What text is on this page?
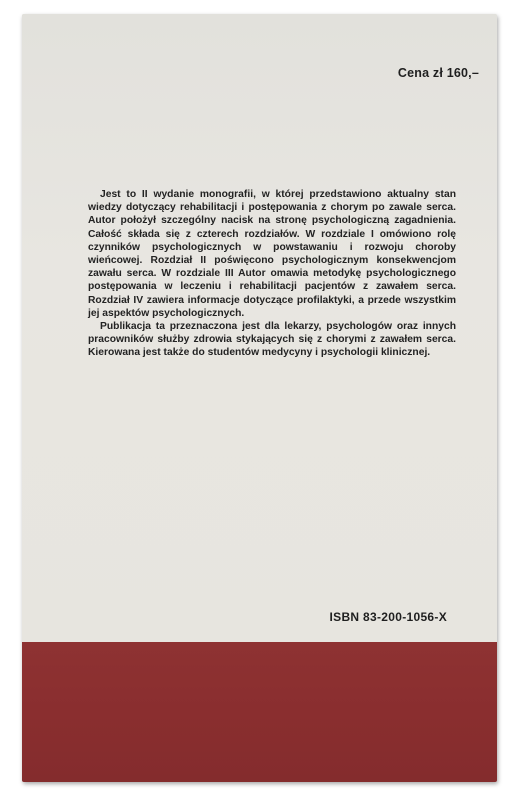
Cena zł 160,–

Jest to II wydanie monografii, w której przedstawiono aktualny stan wiedzy dotyczący rehabilitacji i postępowania z chorym po zawale serca. Autor położył szczególny nacisk na stronę psychologiczną zagadnienia. Całość składa się z czterech rozdziałów. W rozdziale I omówiono rolę czynników psychologicznych w powstawaniu i rozwoju choroby wieńcowej. Rozdział II poświęcono psychologicznym konsekwencjom zawału serca. W rozdziale III Autor omawia metodykę psychologicznego postępowania w leczeniu i rehabilitacji pacjentów z zawałem serca. Rozdział IV zawiera informacje dotyczące profilaktyki, a przede wszystkim jej aspektów psychologicznych.

Publikacja ta przeznaczona jest dla lekarzy, psychologów oraz innych pracowników służby zdrowia stykających się z chorymi z zawałem serca. Kierowana jest także do studentów medycyny i psychologii klinicznej.

ISBN 83-200-1056-X
